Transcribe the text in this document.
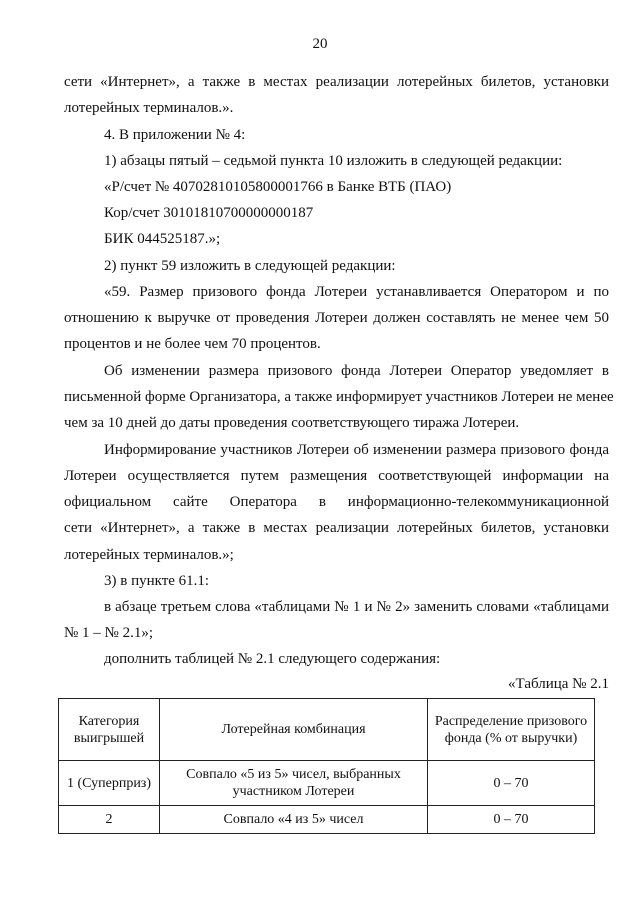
20
сети «Интернет», а также в местах реализации лотерейных билетов, установки
лотерейных терминалов.».
4. В приложении № 4:
1) абзацы пятый – седьмой пункта 10 изложить в следующей редакции:
«Р/счет № 40702810105800001766 в Банке ВТБ (ПАО)
Кор/счет 30101810700000000187
БИК 044525187.»;
2) пункт 59 изложить в следующей редакции:
«59. Размер призового фонда Лотереи устанавливается Оператором и по
отношению к выручке от проведения Лотереи должен составлять не менее чем 50
процентов и не более чем 70 процентов.
Об изменении размера призового фонда Лотереи Оператор уведомляет в
письменной форме Организатора, а также информирует участников Лотереи не менее
чем за 10 дней до даты проведения соответствующего тиража Лотереи.
Информирование участников Лотереи об изменении размера призового фонда
Лотереи осуществляется путем размещения соответствующей информации на
официальном сайте Оператора в информационно-телекоммуникационной
сети «Интернет», а также в местах реализации лотерейных билетов, установки
лотерейных терминалов.»;
3) в пункте 61.1:
в абзаце третьем слова «таблицами № 1 и № 2» заменить словами «таблицами
№ 1 – № 2.1»;
дополнить таблицей № 2.1 следующего содержания:
«Таблица № 2.1
Категория выигрышей	Лотерейная комбинация	Распределение призового фонда (% от выручки)
1 (Суперприз)	Совпало «5 из 5» чисел, выбранных участником Лотереи	0 – 70
2	Совпало «4 из 5» чисел	0 – 70
